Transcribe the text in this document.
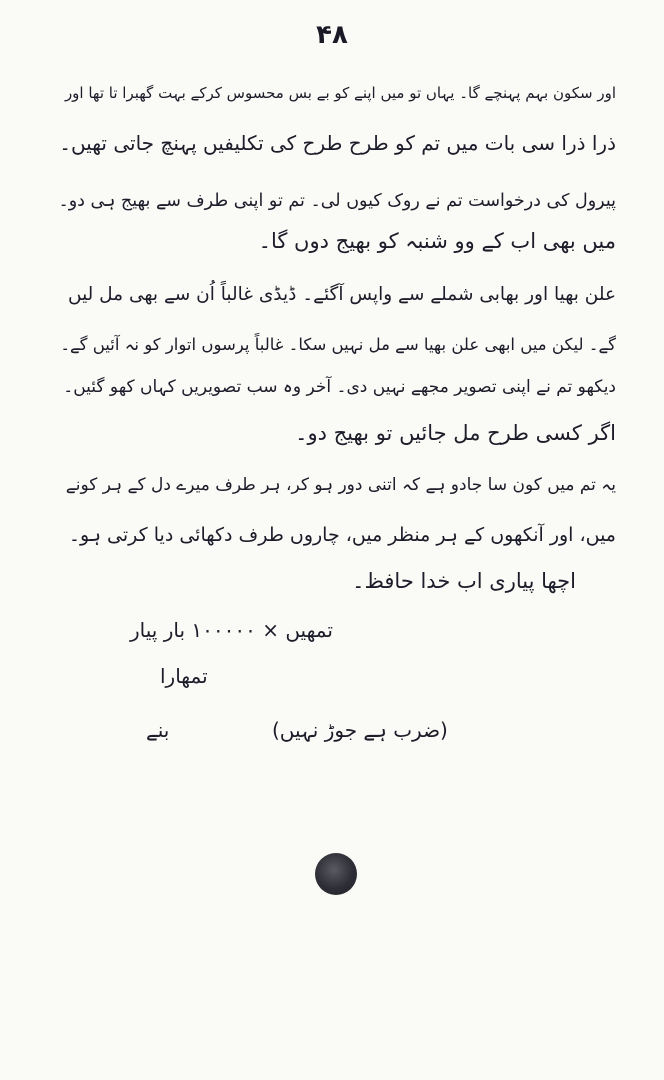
۴۸
اور سکون بہم پہنچے گا۔ یہاں تو میں اپنے کو بے بس محسوس کرکے بہت گھبرا تا تھا اور
ذرا ذرا سی بات میں تم کو طرح طرح کی تکلیفیں پہنچ جاتی تھیں۔
پیرول کی درخواست تم نے روک کیوں لی۔ تم تو اپنی طرف سے بھیج ہی دو۔
میں بھی اب کے وو شنبہ کو بھیج دوں گا۔
علن بھیا اور بھابی شملے سے واپس آگئے۔ ڈیڈی غالباً اُن سے بھی مل لیں
گے۔ لیکن میں ابھی علن بھیا سے مل نہیں سکا۔ غالباً پرسوں اتوار کو نہ آئیں گے۔
دیکھو تم نے اپنی تصویر مجھے نہیں دی۔ آخر وہ سب تصویریں کہاں کھو گئیں۔
اگر کسی طرح مل جائیں تو بھیج دو۔
یہ تم میں کون سا جادو ہے کہ اتنی دور ہو کر، ہر طرف میرے دل کے ہر کونے
میں، اور آنکھوں کے ہر منظر میں، چاروں طرف دکھائی دیا کرتی ہو۔
اچھا پیاری اب خدا حافظ۔
تمھیں × ۱۰۰۰۰۰ بار پیار
تمھارا
(ضرب ہے جوڑ نہیں)
بنے
